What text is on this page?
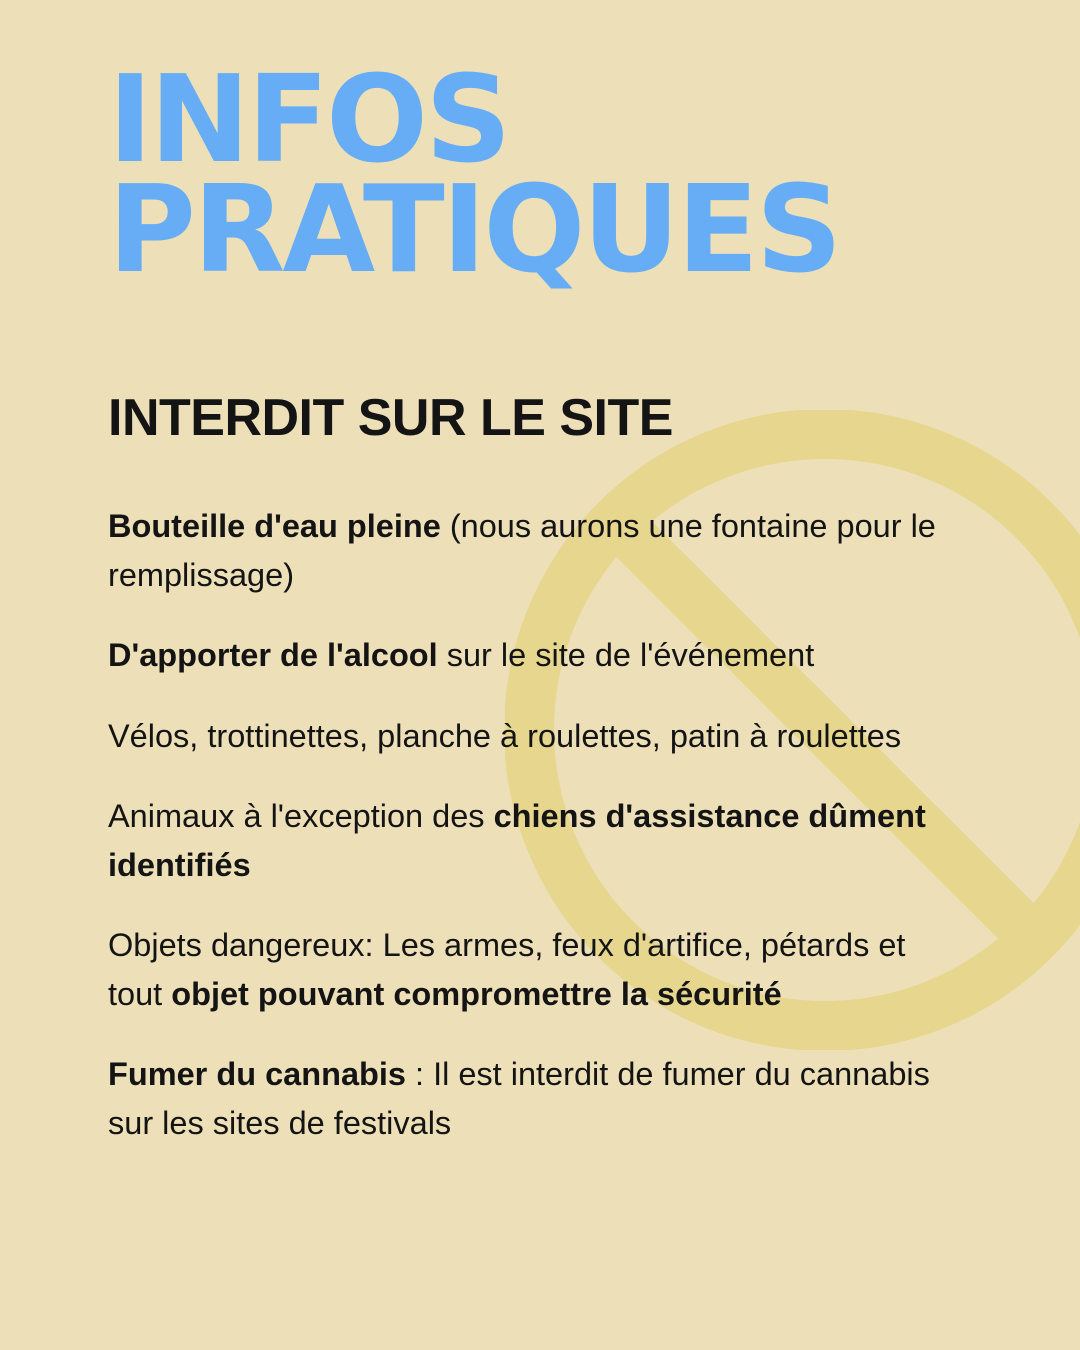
INFOS
PRATIQUES
INTERDIT SUR LE SITE
Bouteille d'eau pleine (nous aurons une fontaine pour le remplissage)
D'apporter de l'alcool sur le site de l'événement
Vélos, trottinettes, planche à roulettes, patin à roulettes
Animaux à l'exception des chiens d'assistance dûment identifiés
Objets dangereux: Les armes, feux d'artifice, pétards et tout objet pouvant compromettre la sécurité
Fumer du cannabis : Il est interdit de fumer du cannabis sur les sites de festivals
